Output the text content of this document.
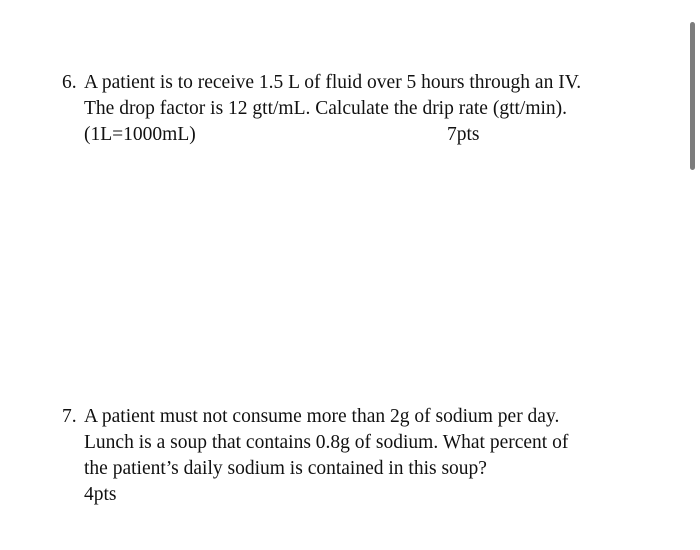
6. A patient is to receive 1.5 L of fluid over 5 hours through an IV.
The drop factor is 12 gtt/mL. Calculate the drip rate (gtt/min).
(1L=1000mL)	7pts
7. A patient must not consume more than 2g of sodium per day.
Lunch is a soup that contains 0.8g of sodium. What percent of
the patient’s daily sodium is contained in this soup?
4pts
